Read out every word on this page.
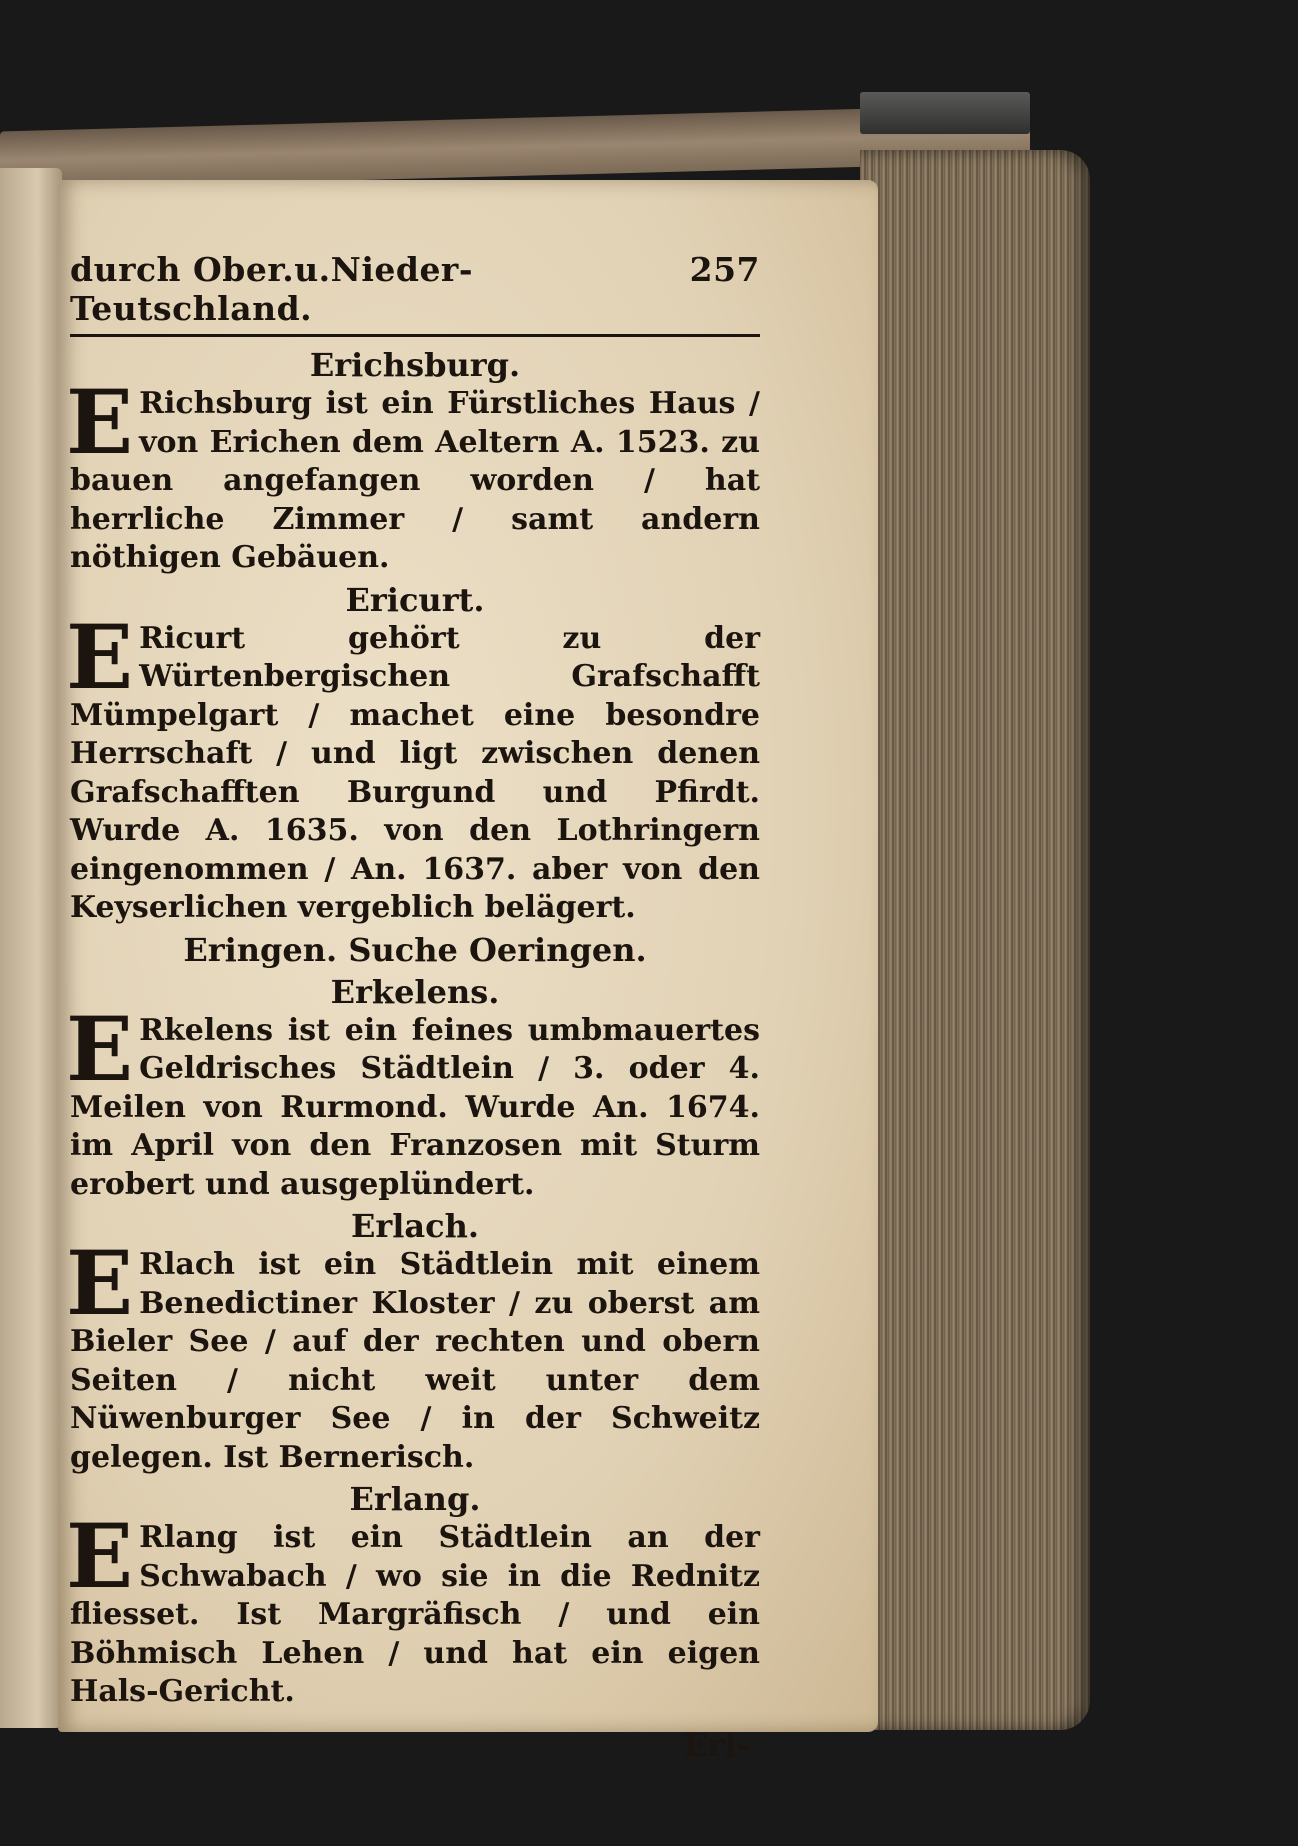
durch Ober.u.Nieder-Teutschland.
257
Erichsburg.

E Richsburg ist ein Fürstliches Haus / von Erichen dem Aeltern A. 1523. zu bauen angefangen worden / hat herrliche Zimmer / samt andern nöthigen Gebäuen.

Ericurt.

E Ricurt gehört zu der Würtenbergischen Grafschafft Mümpelgart / machet eine besondre Herrschaft / und ligt zwischen denen Grafschafften Burgund und Pfirdt. Wurde A. 1635. von den Lothringern eingenommen / An. 1637. aber von den Keyserlichen vergeblich belägert.

Eringen. Suche Oeringen.
Erkelens.

E Rkelens ist ein feines umbmauertes Geldrisches Städtlein / 3. oder 4. Meilen von Rurmond. Wurde An. 1674. im April von den Franzosen mit Sturm erobert und ausgeplündert.

Erlach.

E Rlach ist ein Städtlein mit einem Benedictiner Kloster / zu oberst am Bieler See / auf der rechten und obern Seiten / nicht weit unter dem Nüwenburger See / in der Schweitz gelegen. Ist Bernerisch.

Erlang.

E Rlang ist ein Städtlein an der Schwabach / wo sie in die Rednitz fliesset. Ist Margräfisch / und ein Böhmisch Lehen / und hat ein eigen Hals-Gericht.

Erl-
